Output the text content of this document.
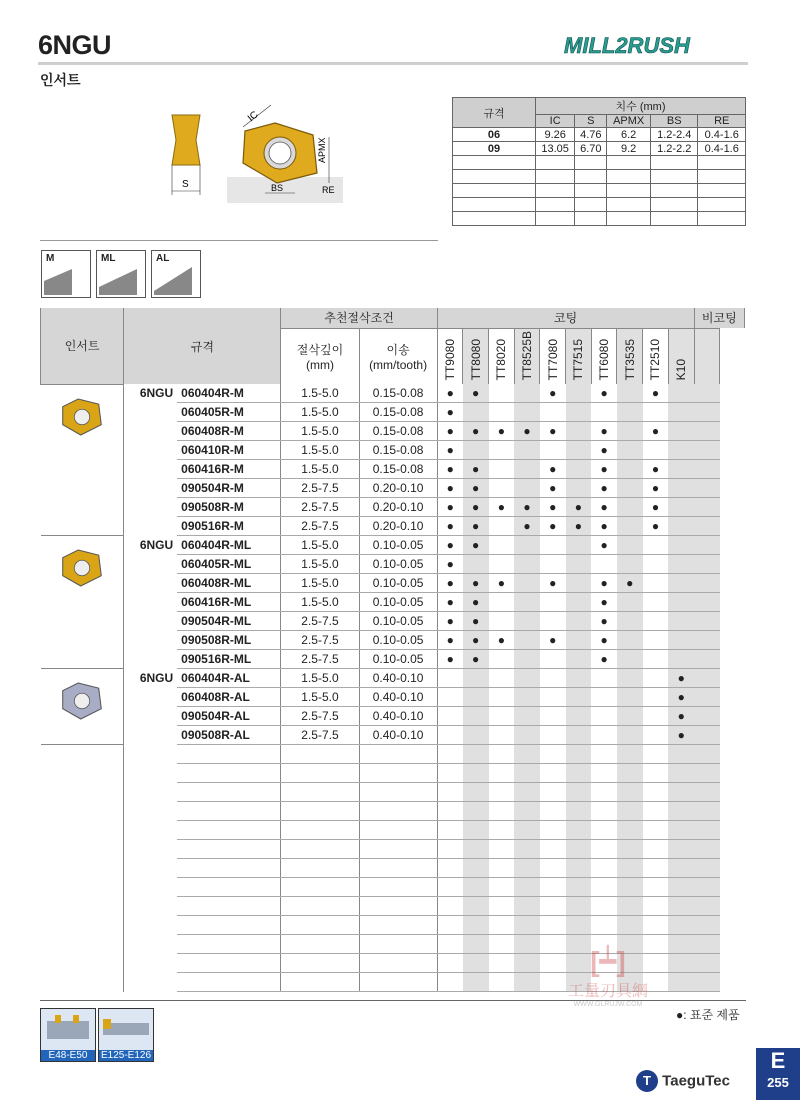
6NGU
인서트
MILL2RUSH
S
IC
APMX
BS	RE
M	ML	AL
규격	치수 (mm)				
	IC	S	APMX	BS	RE
06	9.26	4.76	6.2	1.2-2.4	0.4-1.6
09	13.05	6.70	9.2	1.2-2.2	0.4-1.6

인서트	규격		추천절삭조건		코팅										비코팅
			절삭깊이 (mm)	이송 (mm/tooth)	TT9080	TT8080	TT8020	TT8525B	TT7080	TT7515	TT6080	TT3535	TT2510	K10	
	6NGU	060404R-M	1.5-5.0	0.15-0.08	●	●			●		●		●		
		060405R-M	1.5-5.0	0.15-0.08	●										
		060408R-M	1.5-5.0	0.15-0.08	●	●	●	●	●		●		●		
		060410R-M	1.5-5.0	0.15-0.08	●						●				
		060416R-M	1.5-5.0	0.15-0.08	●	●			●		●		●		
		090504R-M	2.5-7.5	0.20-0.10	●	●			●		●		●		
		090508R-M	2.5-7.5	0.20-0.10	●	●	●	●	●	●	●		●		
		090516R-M	2.5-7.5	0.20-0.10	●	●		●	●	●	●		●		
	6NGU	060404R-ML	1.5-5.0	0.10-0.05	●	●					●				
		060405R-ML	1.5-5.0	0.10-0.05	●										
		060408R-ML	1.5-5.0	0.10-0.05	●	●	●		●		●	●			
		060416R-ML	1.5-5.0	0.10-0.05	●	●					●				
		090504R-ML	2.5-7.5	0.10-0.05	●	●					●				
		090508R-ML	2.5-7.5	0.10-0.05	●	●	●		●		●				
		090516R-ML	2.5-7.5	0.10-0.05	●	●					●				
	6NGU	060404R-AL	1.5-5.0	0.40-0.10										●	
		060408R-AL	1.5-5.0	0.40-0.10										●	
		090504R-AL	2.5-7.5	0.40-0.10										●	
		090508R-AL	2.5-7.5	0.40-0.10										●	

●: 표준 제품
[┷]
工量刃具網
WWW.GLRUJW.COM
E48-E50	E125-E126
T TaeguTec
E
255
